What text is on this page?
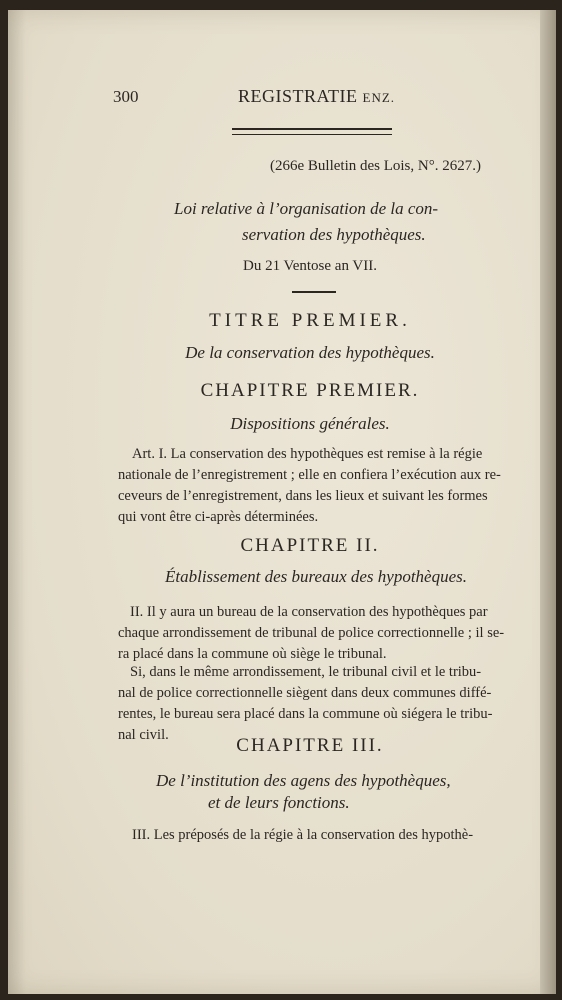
300	REGISTRATIE ENZ.
(266e Bulletin des Lois, N°. 2627.)
Loi relative à l’organisation de la con-
servation des hypothèques.
Du 21 Ventose an VII.
TITRE PREMIER.
De la conservation des hypothèques.
CHAPITRE PREMIER.
Dispositions générales.
Art. I. La conservation des hypothèques est remise à la régie
nationale de l’enregistrement ; elle en confiera l’exécution aux re-
ceveurs de l’enregistrement, dans les lieux et suivant les formes
qui vont être ci-après déterminées.
CHAPITRE II.
Établissement des bureaux des hypothèques.
II. Il y aura un bureau de la conservation des hypothèques par
chaque arrondissement de tribunal de police correctionnelle ; il se-
ra placé dans la commune où siège le tribunal.
Si, dans le même arrondissement, le tribunal civil et le tribu-
nal de police correctionnelle siègent dans deux communes diffé-
rentes, le bureau sera placé dans la commune où siégera le tribu-
nal civil.	CHAPITRE III.
De l’institution des agens des hypothèques,
et de leurs fonctions.
III. Les préposés de la régie à la conservation des hypothè-
